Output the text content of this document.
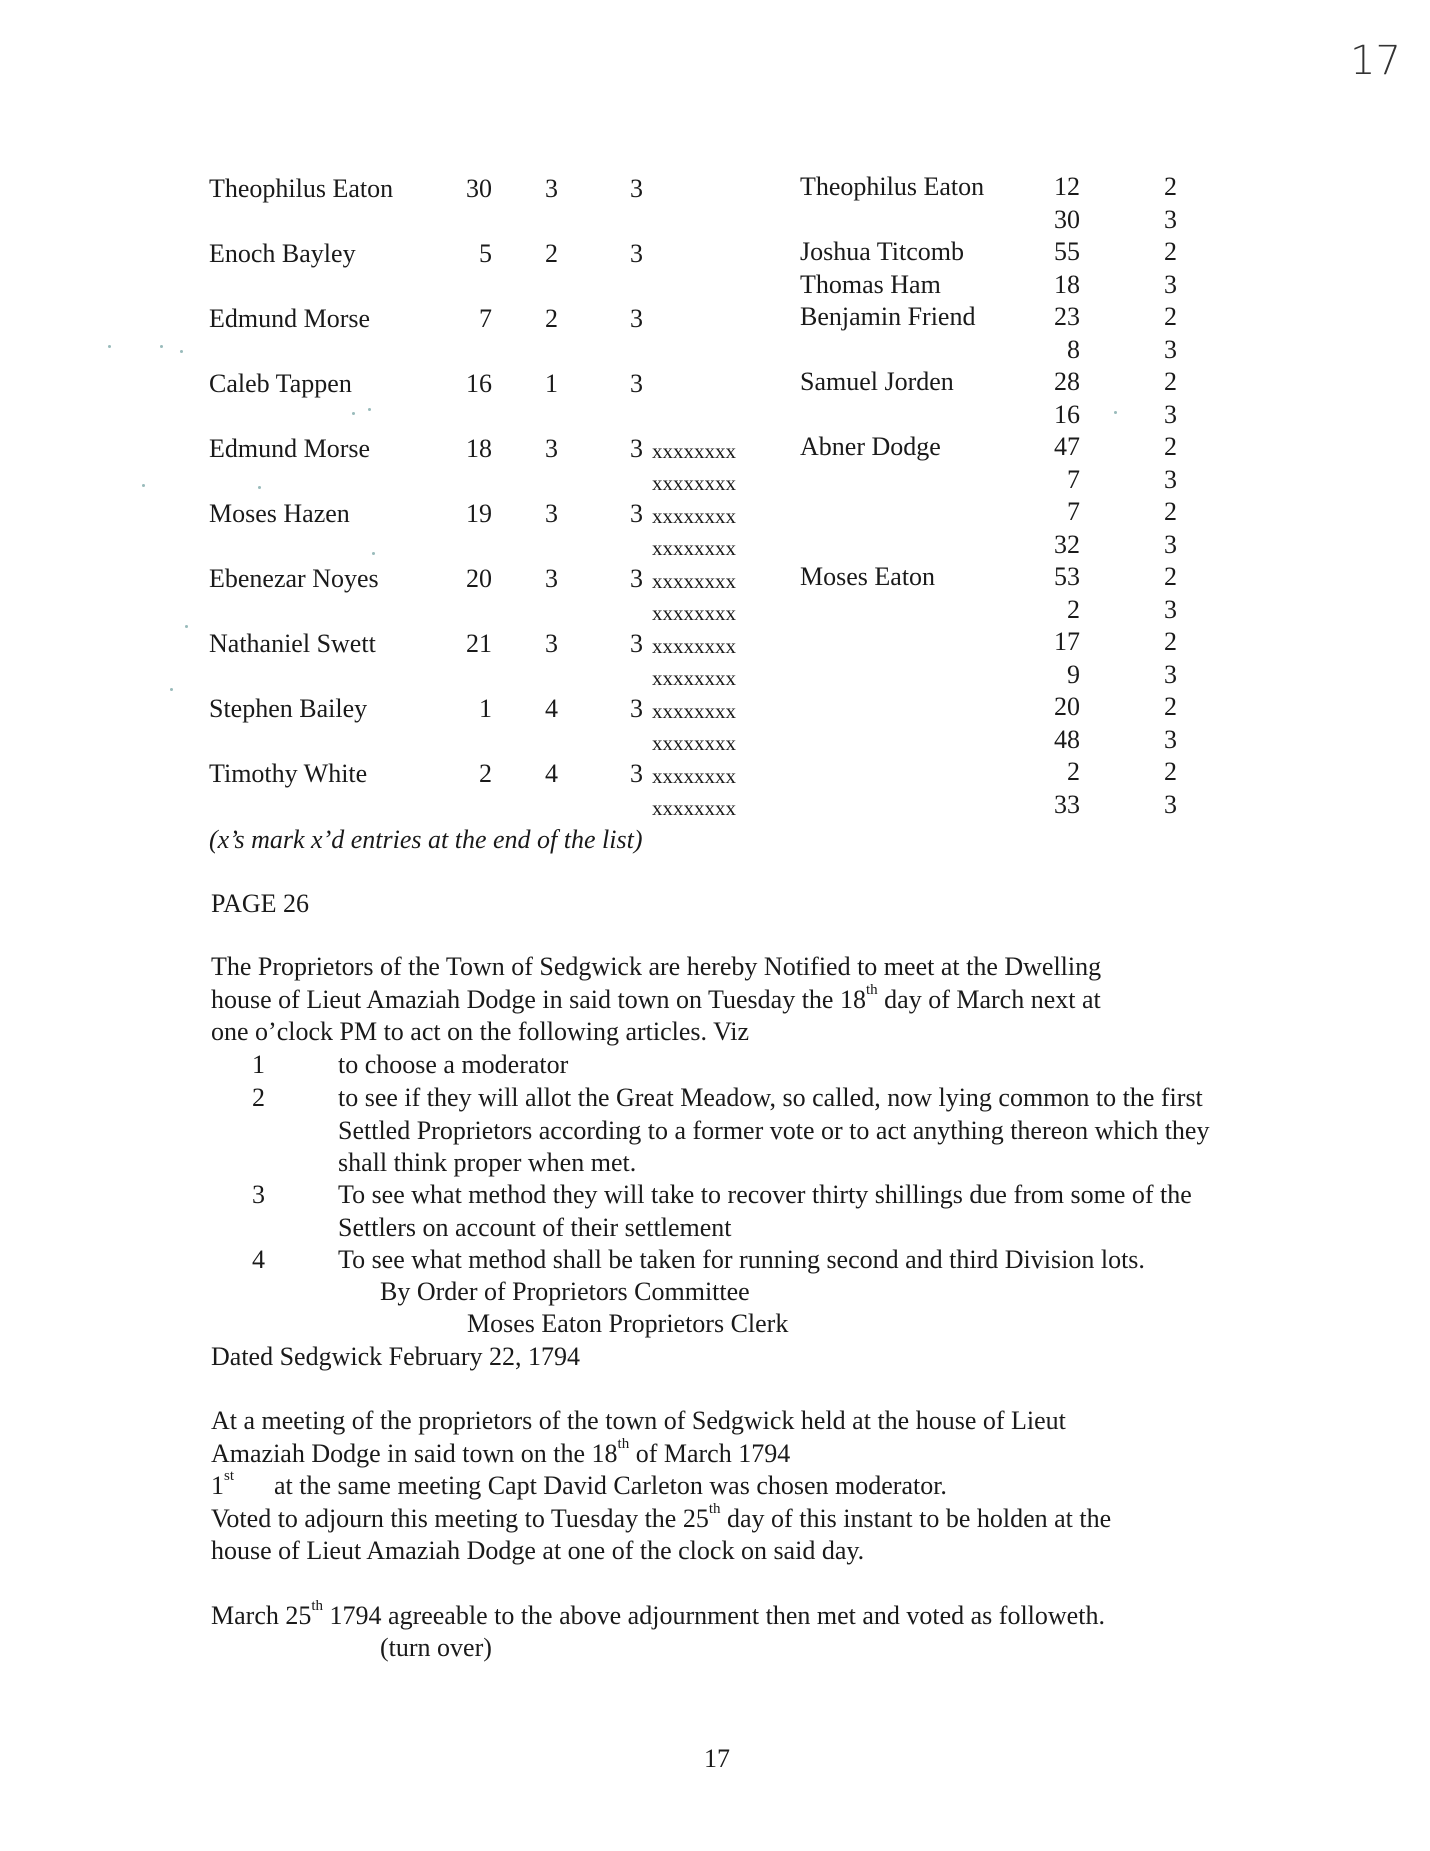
17
Theophilus Eaton	30 3	3
Enoch Bayley	5 2	3
Edmund Morse	7 2	3
Caleb Tappen	16 1	3
Edmund Morse	18 3	3 xxxxxxxx
xxxxxxxx
Moses Hazen	19 3	3 xxxxxxxx
xxxxxxxx
Ebenezar Noyes	20 3	3 xxxxxxxx
xxxxxxxx
Nathaniel Swett	21 3	3 xxxxxxxx
xxxxxxxx
Stephen Bailey	1 4	3 xxxxxxxx
xxxxxxxx
Timothy White	2 4	3 xxxxxxxx
xxxxxxxx
Theophilus Eaton	12	2
30	3
Joshua Titcomb	55	2
Thomas Ham	18	3
Benjamin Friend	23	2
8	3
Samuel Jorden	28	2
16	3
Abner Dodge	47	2
7	3
7	2
32	3
Moses Eaton	53	2
2	3
17	2
9	3
20	2
48	3
2	2
33	3
(x’s mark x’d entries at the end of the list)
PAGE 26

The Proprietors of the Town of Sedgwick are hereby Notified to meet at the Dwelling

house of Lieut Amaziah Dodge in said town on Tuesday the 18th day of March next at

one o’clock PM to act on the following articles. Viz

1	to choose a moderator
2	to see if they will allot the Great Meadow, so called, now lying common to the first Settled Proprietors according to a former vote or to act anything thereon which they shall think proper when met.
3	To see what method they will take to recover thirty shillings due from some of the Settlers on account of their settlement
4	To see what method shall be taken for running second and third Division lots.
By Order of Proprietors Committee
Moses Eaton Proprietors Clerk
Dated Sedgwick February 22, 1794

At a meeting of the proprietors of the town of Sedgwick held at the house of Lieut

Amaziah Dodge in said town on the 18th of March 1794

1st at the same meeting Capt David Carleton was chosen moderator.

Voted to adjourn this meeting to Tuesday the 25th day of this instant to be holden at the

house of Lieut Amaziah Dodge at one of the clock on said day.

March 25th 1794 agreeable to the above adjournment then met and voted as followeth.

(turn over)
17
